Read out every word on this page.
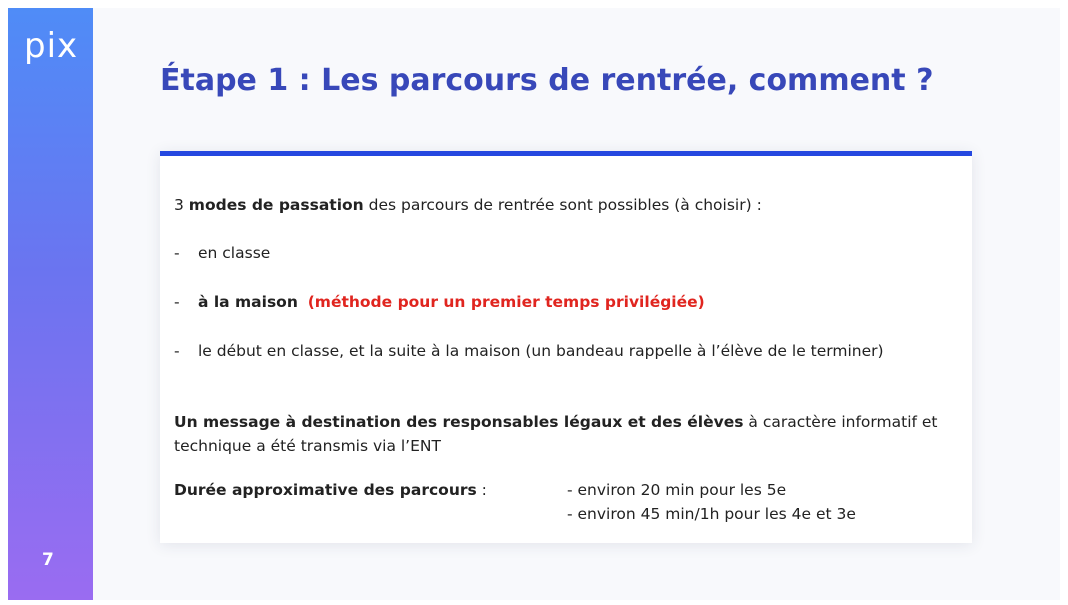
pix
7
Étape 1 : Les parcours de rentrée, comment ?
3 modes de passation des parcours de rentrée sont possibles (à choisir) :
- en classe
- à la maison (méthode pour un premier temps privilégiée)
- le début en classe, et la suite à la maison (un bandeau rappelle à l’élève de le terminer)
Un message à destination des responsables légaux et des élèves à caractère informatif et technique a été transmis via l’ENT
Durée approximative des parcours :	- environ 20 min pour les 5e
- environ 45 min/1h pour les 4e et 3e
